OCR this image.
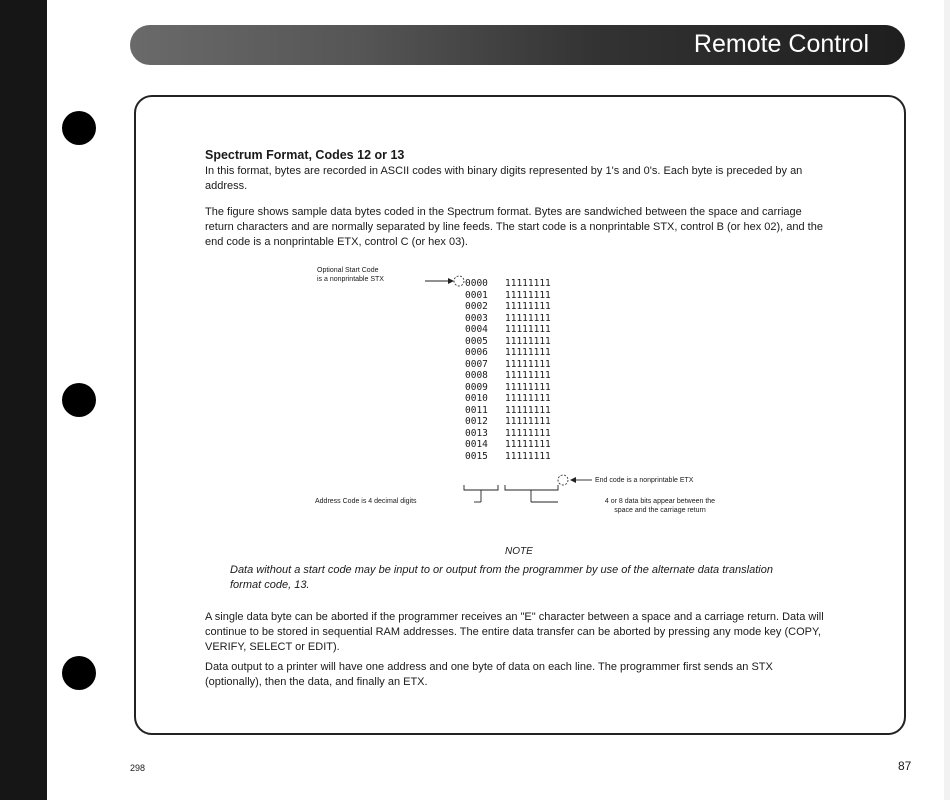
Remote Control

Spectrum Format, Codes 12 or 13

In this format, bytes are recorded in ASCII codes with binary digits represented by 1's and 0's. Each byte is preceded by an address.

The figure shows sample data bytes coded in the Spectrum format. Bytes are sandwiched between the space and carriage return characters and are normally separated by line feeds. The start code is a nonprintable STX, control B (or hex 02), and the end code is a nonprintable ETX, control C (or hex 03).

Optional Start Code
is a nonprintable STX	0000 11111111
0001 11111111
0002 11111111
0003 11111111
0004 11111111
0005 11111111
0006 11111111
0007 11111111
0008 11111111
0009 11111111
0010 11111111
0011 11111111
0012 11111111
0013 11111111
0014 11111111
0015 11111111
End code is a nonprintable ETX
Address Code is 4 decimal digits	4 or 8 data bits appear between the
space and the carriage return
NOTE

Data without a start code may be input to or output from the programmer by use of the alternate data translation format code, 13.

A single data byte can be aborted if the programmer receives an "E" character between a space and a carriage return. Data will continue to be stored in sequential RAM addresses. The entire data transfer can be aborted by pressing any mode key (COPY, VERIFY, SELECT or EDIT).

Data output to a printer will have one address and one byte of data on each line. The programmer first sends an STX (optionally), then the data, and finally an ETX.

298	87
